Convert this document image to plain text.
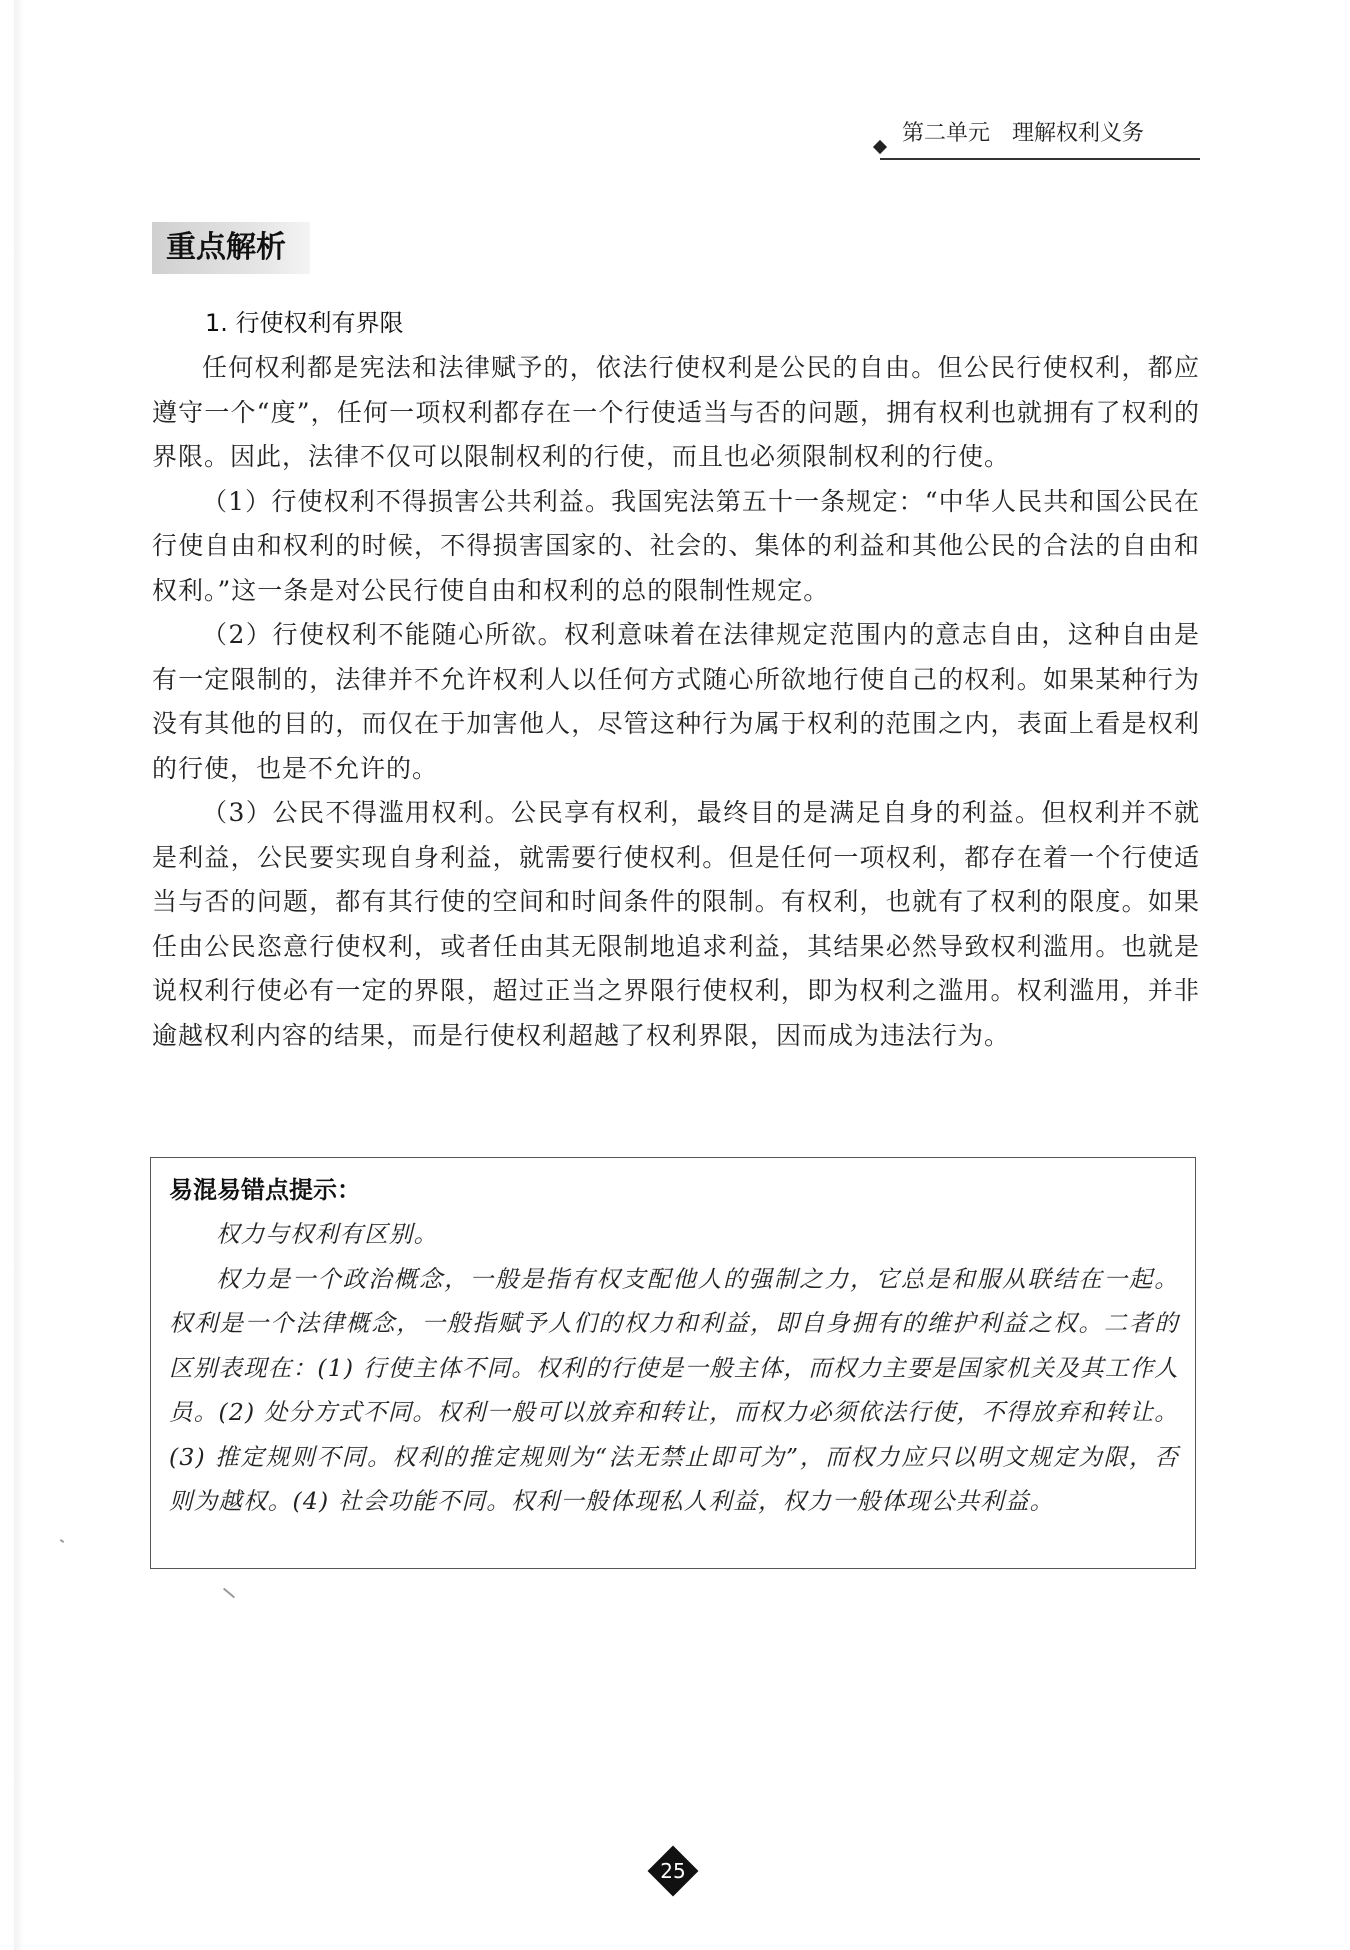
第二单元　理解权利义务
重点解析
1. 行使权利有界限

任何权利都是宪法和法律赋予的，依法行使权利是公民的自由。但公民行使权利，都应遵守一个“度”，任何一项权利都存在一个行使适当与否的问题，拥有权利也就拥有了权利的界限。因此，法律不仅可以限制权利的行使，而且也必须限制权利的行使。

（1）行使权利不得损害公共利益。我国宪法第五十一条规定：“中华人民共和国公民在行使自由和权利的时候，不得损害国家的、社会的、集体的利益和其他公民的合法的自由和权利。”这一条是对公民行使自由和权利的总的限制性规定。

（2）行使权利不能随心所欲。权利意味着在法律规定范围内的意志自由，这种自由是有一定限制的，法律并不允许权利人以任何方式随心所欲地行使自己的权利。如果某种行为没有其他的目的，而仅在于加害他人，尽管这种行为属于权利的范围之内，表面上看是权利的行使，也是不允许的。

（3）公民不得滥用权利。公民享有权利，最终目的是满足自身的利益。但权利并不就是利益，公民要实现自身利益，就需要行使权利。但是任何一项权利，都存在着一个行使适当与否的问题，都有其行使的空间和时间条件的限制。有权利，也就有了权利的限度。如果任由公民恣意行使权利，或者任由其无限制地追求利益，其结果必然导致权利滥用。也就是说权利行使必有一定的界限，超过正当之界限行使权利，即为权利之滥用。权利滥用，并非逾越权利内容的结果，而是行使权利超越了权利界限，因而成为违法行为。

易混易错点提示：

权力与权利有区别。

权力是一个政治概念，一般是指有权支配他人的强制之力，它总是和服从联结在一起。权利是一个法律概念，一般指赋予人们的权力和利益，即自身拥有的维护利益之权。二者的区别表现在：(1) 行使主体不同。权利的行使是一般主体，而权力主要是国家机关及其工作人员。(2) 处分方式不同。权利一般可以放弃和转让，而权力必须依法行使，不得放弃和转让。(3) 推定规则不同。权利的推定规则为“法无禁止即可为”，而权力应只以明文规定为限，否则为越权。(4) 社会功能不同。权利一般体现私人利益，权力一般体现公共利益。

25
